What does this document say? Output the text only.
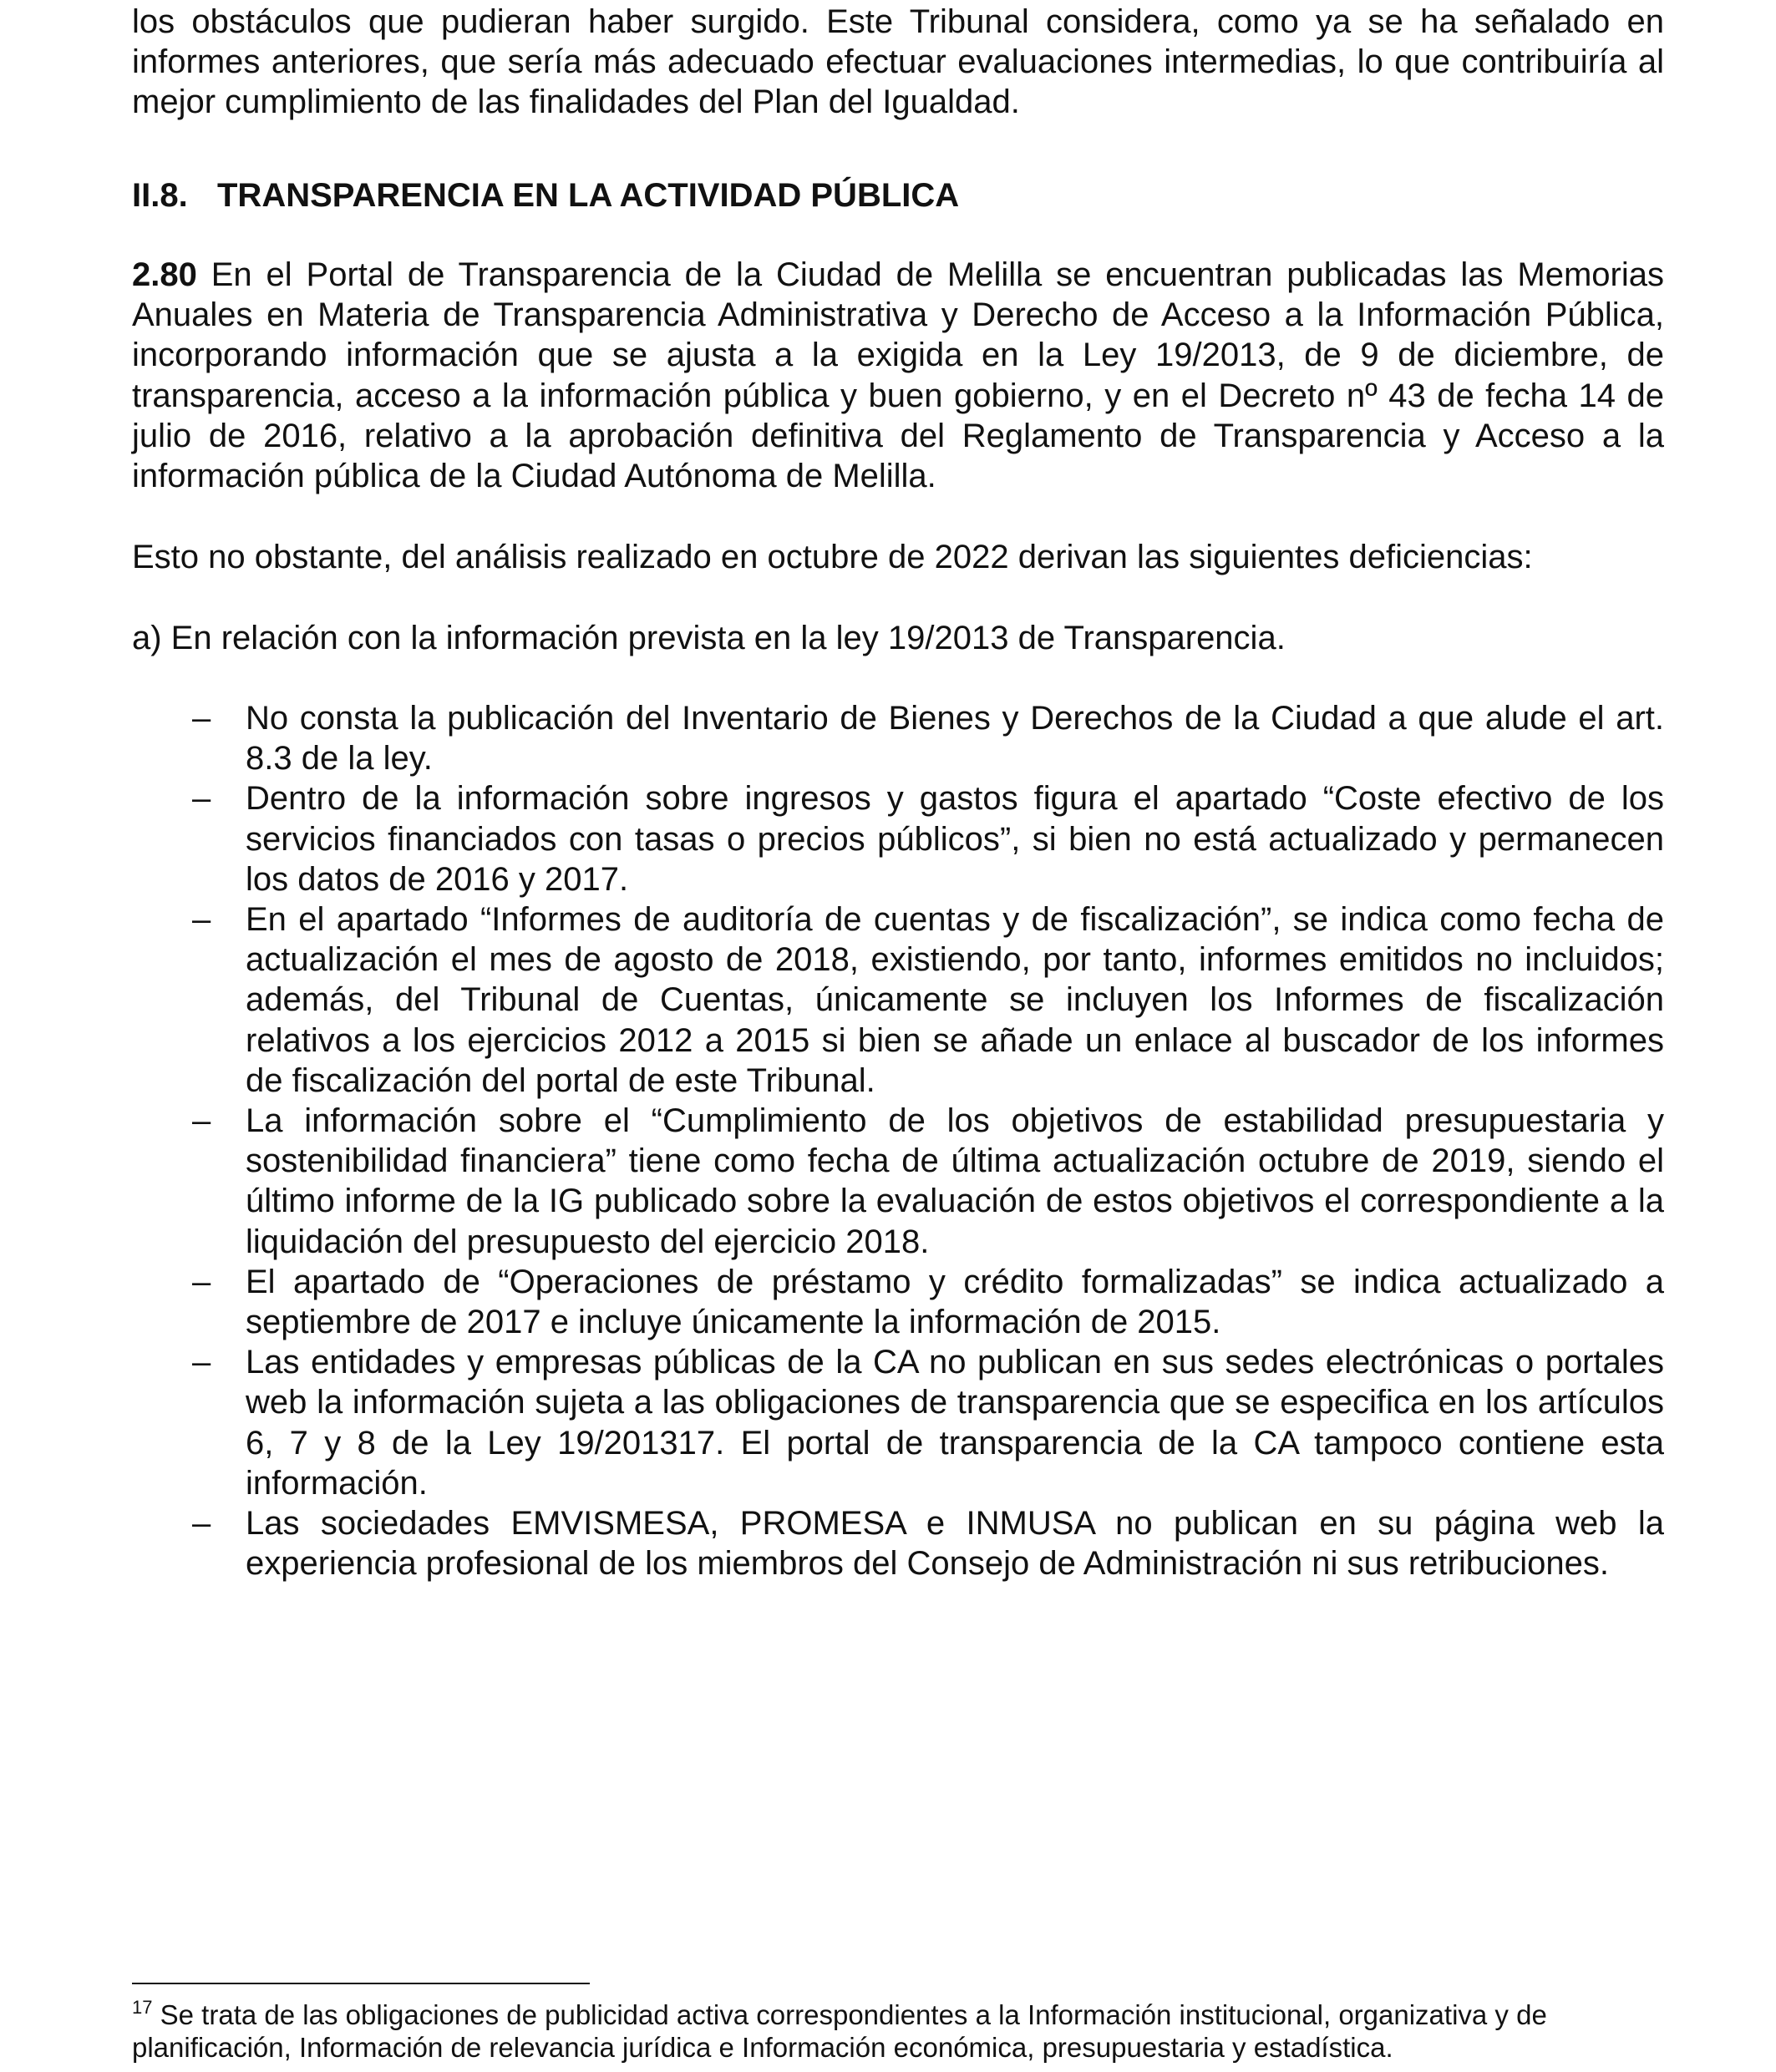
los obstáculos que pudieran haber surgido. Este Tribunal considera, como ya se ha señalado en informes anteriores, que sería más adecuado efectuar evaluaciones intermedias, lo que contribuiría al mejor cumplimiento de las finalidades del Plan del Igualdad.

II.8. TRANSPARENCIA EN LA ACTIVIDAD PÚBLICA

2.80 En el Portal de Transparencia de la Ciudad de Melilla se encuentran publicadas las Memorias Anuales en Materia de Transparencia Administrativa y Derecho de Acceso a la Información Pública, incorporando información que se ajusta a la exigida en la Ley 19/2013, de 9 de diciembre, de transparencia, acceso a la información pública y buen gobierno, y en el Decreto nº 43 de fecha 14 de julio de 2016, relativo a la aprobación definitiva del Reglamento de Transparencia y Acceso a la información pública de la Ciudad Autónoma de Melilla.

Esto no obstante, del análisis realizado en octubre de 2022 derivan las siguientes deficiencias:

a) En relación con la información prevista en la ley 19/2013 de Transparencia.

– No consta la publicación del Inventario de Bienes y Derechos de la Ciudad a que alude el art. 8.3 de la ley.

– Dentro de la información sobre ingresos y gastos figura el apartado “Coste efectivo de los servicios financiados con tasas o precios públicos”, si bien no está actualizado y permanecen los datos de 2016 y 2017.

– En el apartado “Informes de auditoría de cuentas y de fiscalización”, se indica como fecha de actualización el mes de agosto de 2018, existiendo, por tanto, informes emitidos no incluidos; además, del Tribunal de Cuentas, únicamente se incluyen los Informes de fiscalización relativos a los ejercicios 2012 a 2015 si bien se añade un enlace al buscador de los informes de fiscalización del portal de este Tribunal.

– La información sobre el “Cumplimiento de los objetivos de estabilidad presupuestaria y sostenibilidad financiera” tiene como fecha de última actualización octubre de 2019, siendo el último informe de la IG publicado sobre la evaluación de estos objetivos el correspondiente a la liquidación del presupuesto del ejercicio 2018.

– El apartado de “Operaciones de préstamo y crédito formalizadas” se indica actualizado a septiembre de 2017 e incluye únicamente la información de 2015.

– Las entidades y empresas públicas de la CA no publican en sus sedes electrónicas o portales web la información sujeta a las obligaciones de transparencia que se especifica en los artículos 6, 7 y 8 de la Ley 19/201317. El portal de transparencia de la CA tampoco contiene esta información.

– Las sociedades EMVISMESA, PROMESA e INMUSA no publican en su página web la experiencia profesional de los miembros del Consejo de Administración ni sus retribuciones.

$^{17}$ Se trata de las obligaciones de publicidad activa correspondientes a la Información institucional, organizativa y de planificación, Información de relevancia jurídica e Información económica, presupuestaria y estadística.
